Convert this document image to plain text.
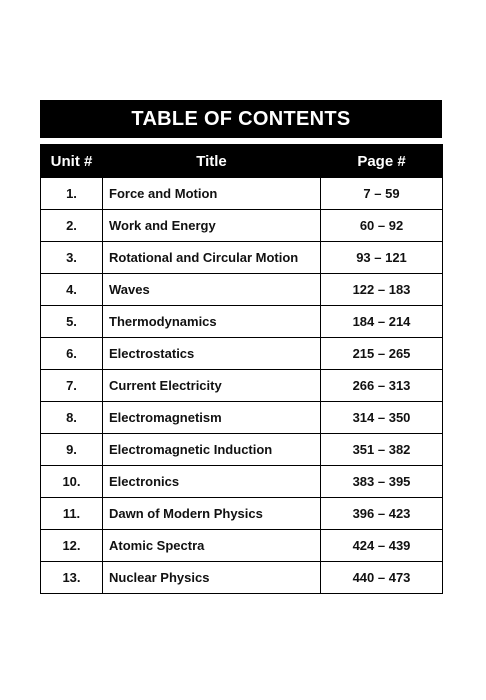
TABLE OF CONTENTS
Unit #	Title	Page #
1.	Force and Motion	7 – 59
2.	Work and Energy	60 – 92
3.	Rotational and Circular Motion	93 – 121
4.	Waves	122 – 183
5.	Thermodynamics	184 – 214
6.	Electrostatics	215 – 265
7.	Current Electricity	266 – 313
8.	Electromagnetism	314 – 350
9.	Electromagnetic Induction	351 – 382
10.	Electronics	383 – 395
11.	Dawn of Modern Physics	396 – 423
12.	Atomic Spectra	424 – 439
13.	Nuclear Physics	440 – 473
